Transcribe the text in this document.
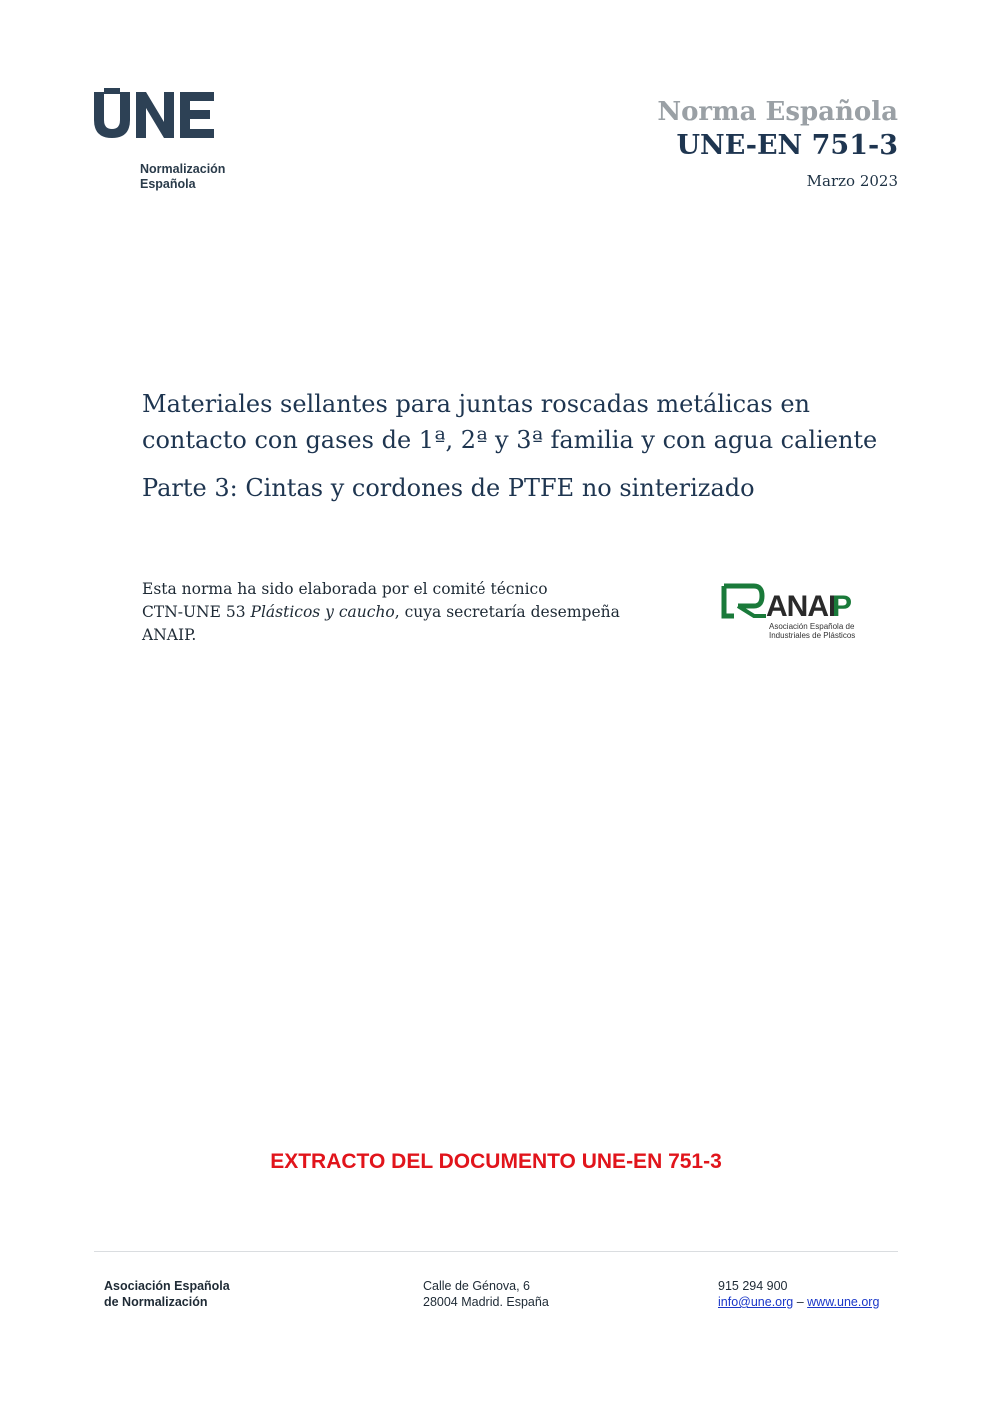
Normalización
Española
Norma Española
UNE-EN 751-3
Marzo 2023
Materiales sellantes para juntas roscadas metálicas en
contacto con gases de 1ª, 2ª y 3ª familia y con agua caliente
Parte 3: Cintas y cordones de PTFE no sinterizado
Esta norma ha sido elaborada por el comité técnico
CTN-UNE 53 Plásticos y caucho, cuya secretaría desempeña
ANAIP.
ANAI
P
Asociación Española de
Industriales de Plásticos
EXTRACTO DEL DOCUMENTO UNE-EN 751-3
Asociación Española
de Normalización
Calle de Génova, 6
28004 Madrid. España
915 294 900
info@une.org – www.une.org
